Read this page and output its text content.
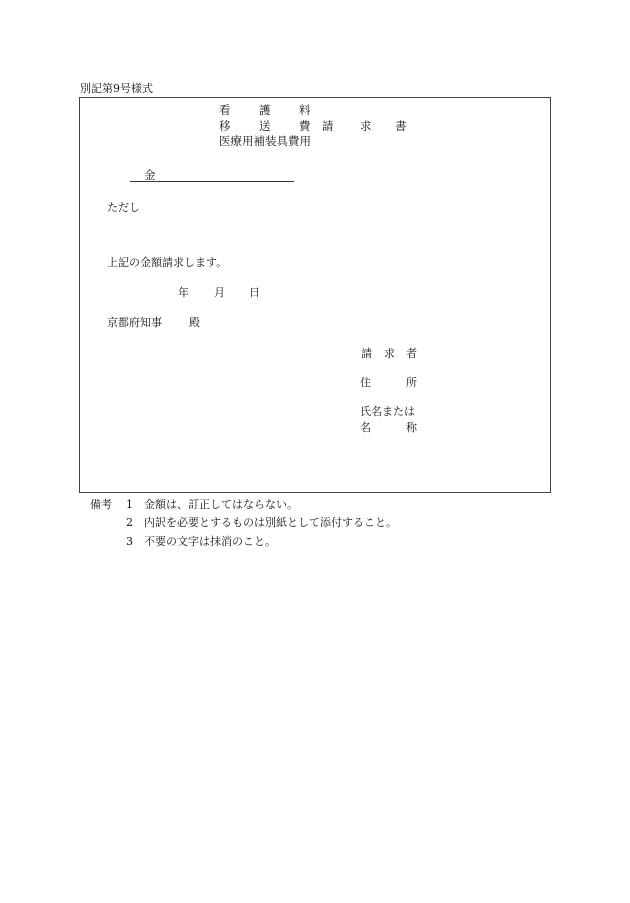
別記第9号様式
看 護 料
移 送 費 請 求 書
医療用補装具費用
金
ただし
上記の金額請求します。
年 月 日
京都府知事 殿
請 求 者
住	所
氏名または
名	称
備考 1 金額は、訂正してはならない。
2 内訳を必要とするものは別紙として添付すること。
3 不要の文字は抹消のこと。
